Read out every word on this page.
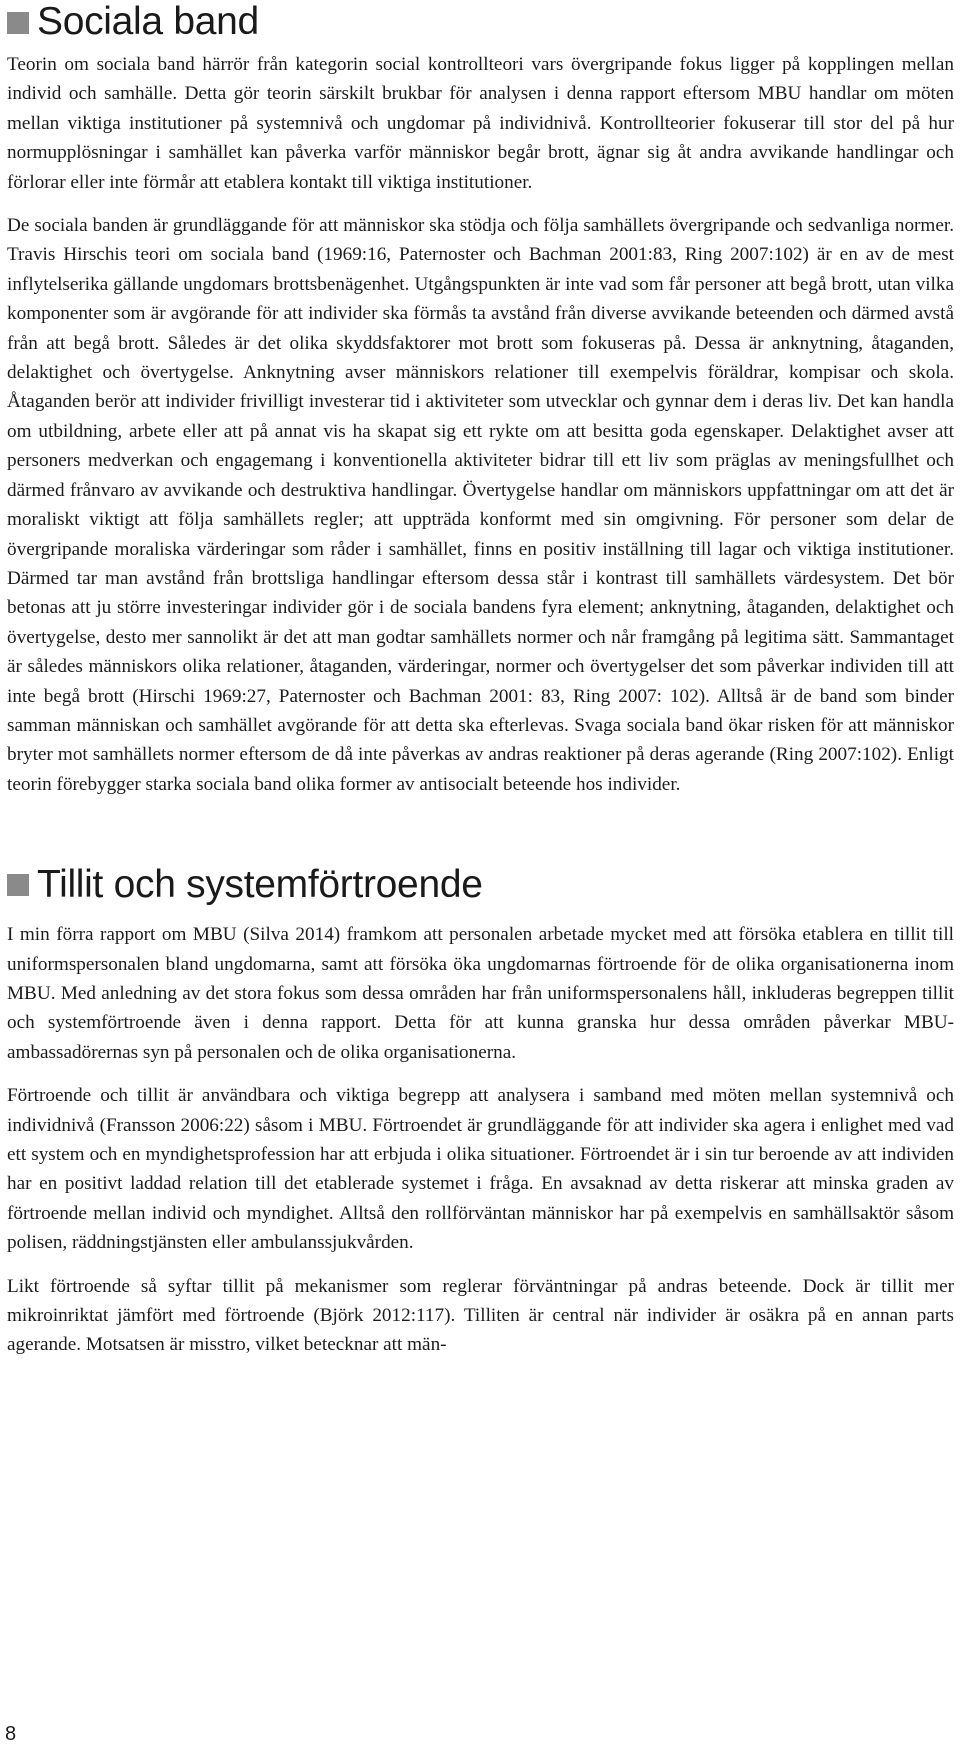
Sociala band

Teorin om sociala band härrör från kategorin social kontrollteori vars övergripande fokus ligger på kopplingen mellan individ och samhälle. Detta gör teorin särskilt brukbar för analysen i denna rapport eftersom MBU handlar om möten mellan viktiga institutioner på systemnivå och ungdomar på individnivå. Kontrollteorier fokuserar till stor del på hur normupplösningar i samhället kan påverka varför människor begår brott, ägnar sig åt andra avvikande handlingar och förlorar eller inte förmår att etablera kontakt till viktiga institutioner.

De sociala banden är grundläggande för att människor ska stödja och följa samhällets övergripande och sedvanliga normer. Travis Hirschis teori om sociala band (1969:16, Paternoster och Bachman 2001:83, Ring 2007:102) är en av de mest inflytelserika gällande ungdomars brottsbenägenhet. Utgångspunkten är inte vad som får personer att begå brott, utan vilka komponenter som är avgörande för att individer ska förmås ta avstånd från diverse avvikande beteenden och därmed avstå från att begå brott. Således är det olika skyddsfaktorer mot brott som fokuseras på. Dessa är anknytning, åtaganden, delaktighet och övertygelse. Anknytning avser människors relationer till exempelvis föräldrar, kompisar och skola. Åtaganden berör att individer frivilligt investerar tid i aktiviteter som utvecklar och gynnar dem i deras liv. Det kan handla om utbildning, arbete eller att på annat vis ha skapat sig ett rykte om att besitta goda egenskaper. Delaktighet avser att personers medverkan och engagemang i konventionella aktiviteter bidrar till ett liv som präglas av meningsfullhet och därmed frånvaro av avvikande och destruktiva handlingar. Övertygelse handlar om människors uppfattningar om att det är moraliskt viktigt att följa samhällets regler; att uppträda konformt med sin omgivning. För personer som delar de övergripande moraliska värderingar som råder i samhället, finns en positiv inställning till lagar och viktiga institutioner. Därmed tar man avstånd från brottsliga handlingar eftersom dessa står i kontrast till samhällets värdesystem. Det bör betonas att ju större investeringar individer gör i de sociala bandens fyra element; anknytning, åtaganden, delaktighet och övertygelse, desto mer sannolikt är det att man godtar samhällets normer och når framgång på legitima sätt. Sammantaget är således människors olika relationer, åtaganden, värderingar, normer och övertygelser det som påverkar individen till att inte begå brott (Hirschi 1969:27, Paternoster och Bachman 2001: 83, Ring 2007: 102). Alltså är de band som binder samman människan och samhället avgörande för att detta ska efterlevas. Svaga sociala band ökar risken för att människor bryter mot samhällets normer eftersom de då inte påverkas av andras reaktioner på deras agerande (Ring 2007:102). Enligt teorin förebygger starka sociala band olika former av antisocialt beteende hos individer.

Tillit och systemförtroende

I min förra rapport om MBU (Silva 2014) framkom att personalen arbetade mycket med att försöka etablera en tillit till uniformspersonalen bland ungdomarna, samt att försöka öka ungdomarnas förtroende för de olika organisationerna inom MBU. Med anledning av det stora fokus som dessa områden har från uniformspersonalens håll, inkluderas begreppen tillit och systemförtroende även i denna rapport. Detta för att kunna granska hur dessa områden påverkar MBU-ambassadörernas syn på personalen och de olika organisationerna.

Förtroende och tillit är användbara och viktiga begrepp att analysera i samband med möten mellan systemnivå och individnivå (Fransson 2006:22) såsom i MBU. Förtroendet är grundläggande för att individer ska agera i enlighet med vad ett system och en myndighetsprofession har att erbjuda i olika situationer. Förtroendet är i sin tur beroende av att individen har en positivt laddad relation till det etablerade systemet i fråga. En avsaknad av detta riskerar att minska graden av förtroende mellan individ och myndighet. Alltså den rollförväntan människor har på exempelvis en samhällsaktör såsom polisen, räddningstjänsten eller ambulanssjukvården.

Likt förtroende så syftar tillit på mekanismer som reglerar förväntningar på andras beteende. Dock är tillit mer mikroinriktat jämfört med förtroende (Björk 2012:117). Tilliten är central när individer är osäkra på en annan parts agerande. Motsatsen är misstro, vilket betecknar att män-

8
